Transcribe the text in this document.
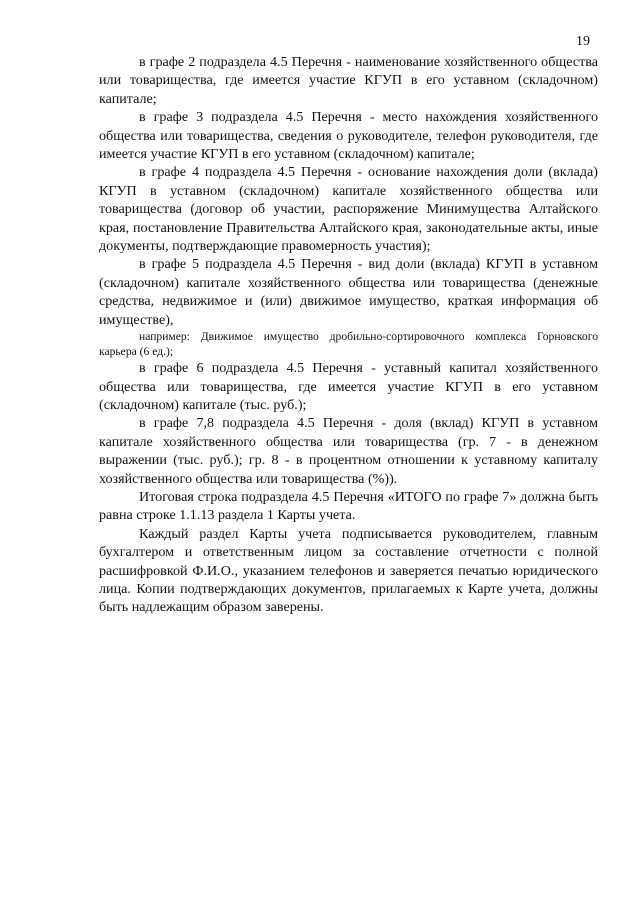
19

в графе 2 подраздела 4.5 Перечня - наименование хозяйственного общества или товарищества, где имеется участие КГУП в его уставном (складочном) капитале;

в графе 3 подраздела 4.5 Перечня - место нахождения хозяйственного общества или товарищества, сведения о руководителе, телефон руководителя, где имеется участие КГУП в его уставном (складочном) капитале;

в графе 4 подраздела 4.5 Перечня - основание нахождения доли (вклада) КГУП в уставном (складочном) капитале хозяйственного общества или товарищества (договор об участии, распоряжение Минимущества Алтайского края, постановление Правительства Алтайского края, законодательные акты, иные документы, подтверждающие правомерность участия);

в графе 5 подраздела 4.5 Перечня - вид доли (вклада) КГУП в уставном (складочном) капитале хозяйственного общества или товарищества (денежные средства, недвижимое и (или) движимое имущество, краткая информация об имуществе),

например: Движимое имущество дробильно-сортировочного комплекса Горновского карьера (6 ед.);

в графе 6 подраздела 4.5 Перечня - уставный капитал хозяйственного общества или товарищества, где имеется участие КГУП в его уставном (складочном) капитале (тыс. руб.);

в графе 7,8 подраздела 4.5 Перечня - доля (вклад) КГУП в уставном капитале хозяйственного общества или товарищества (гр. 7 - в денежном выражении (тыс. руб.); гр. 8 - в процентном отношении к уставному капиталу хозяйственного общества или товарищества (%)).

Итоговая строка подраздела 4.5 Перечня «ИТОГО по графе 7» должна быть равна строке 1.1.13 раздела 1 Карты учета.

Каждый раздел Карты учета подписывается руководителем, главным бухгалтером и ответственным лицом за составление отчетности с полной расшифровкой Ф.И.О., указанием телефонов и заверяется печатью юридического лица. Копии подтверждающих документов, прилагаемых к Карте учета, должны быть надлежащим образом заверены.
